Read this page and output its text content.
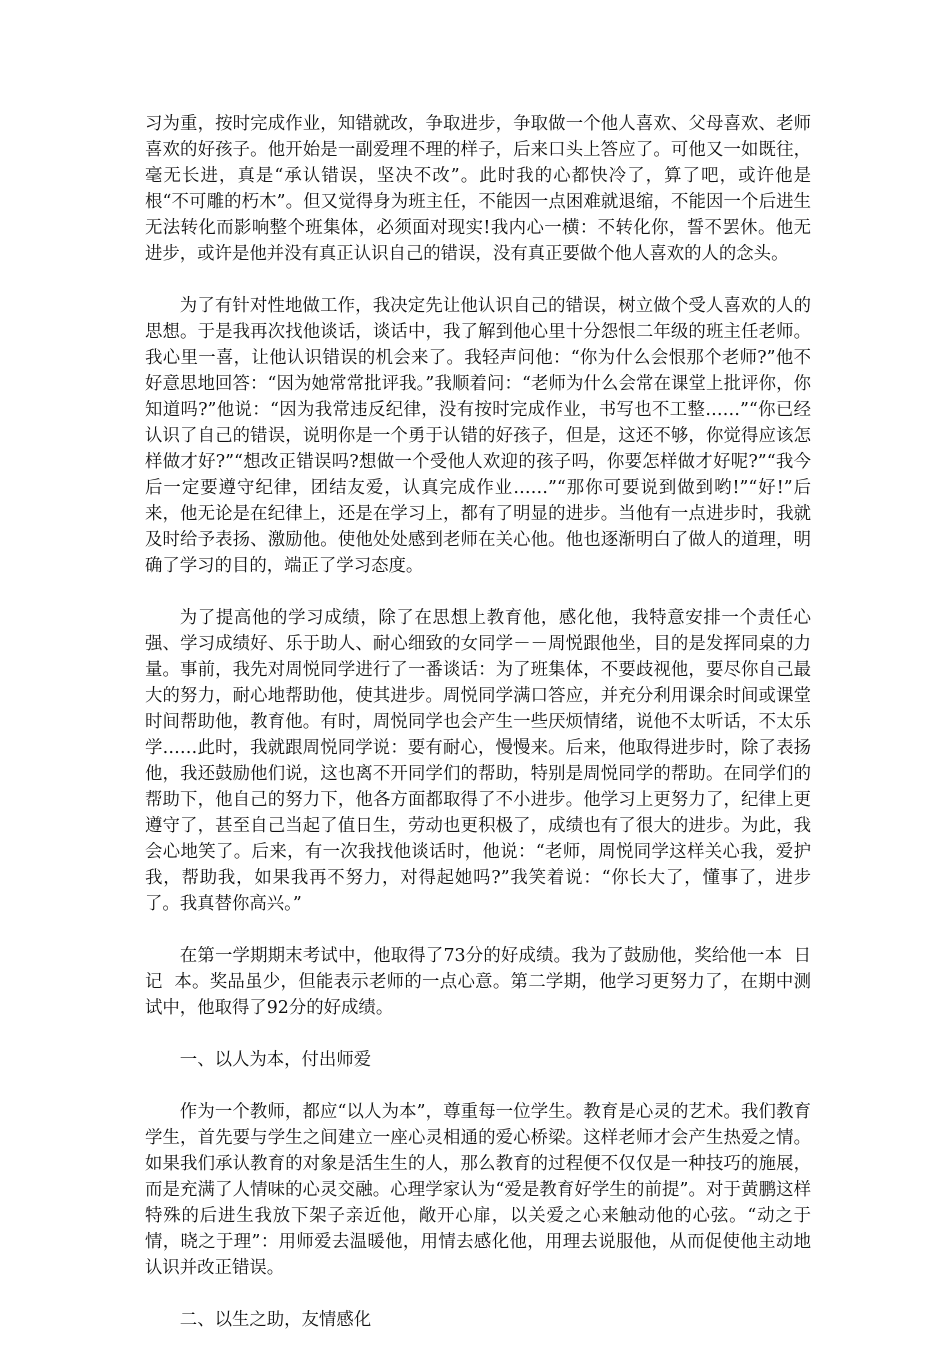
习为重，按时完成作业，知错就改，争取进步，争取做一个他人喜欢、父母喜欢、老师喜欢的好孩子。他开始是一副爱理不理的样子，后来口头上答应了。可他又一如既往，毫无长进，真是“承认错误，坚决不改”。此时我的心都快冷了，算了吧，或许他是根“不可雕的朽木”。但又觉得身为班主任，不能因一点困难就退缩，不能因一个后进生无法转化而影响整个班集体，必须面对现实!我内心一横：不转化你，誓不罢休。他无进步，或许是他并没有真正认识自己的错误，没有真正要做个他人喜欢的人的念头。

为了有针对性地做工作，我决定先让他认识自己的错误，树立做个受人喜欢的人的思想。于是我再次找他谈话，谈话中，我了解到他心里十分怨恨二年级的班主任老师。我心里一喜，让他认识错误的机会来了。我轻声问他：“你为什么会恨那个老师?”他不好意思地回答：“因为她常常批评我。”我顺着问：“老师为什么会常在课堂上批评你，你知道吗?”他说：“因为我常违反纪律，没有按时完成作业，书写也不工整……”“你已经认识了自己的错误，说明你是一个勇于认错的好孩子，但是，这还不够，你觉得应该怎样做才好?”“想改正错误吗?想做一个受他人欢迎的孩子吗，你要怎样做才好呢?”“我今后一定要遵守纪律，团结友爱，认真完成作业……”“那你可要说到做到哟!”“好!”后来，他无论是在纪律上，还是在学习上，都有了明显的进步。当他有一点进步时，我就及时给予表扬、激励他。使他处处感到老师在关心他。他也逐渐明白了做人的道理，明确了学习的目的，端正了学习态度。

为了提高他的学习成绩，除了在思想上教育他，感化他，我特意安排一个责任心强、学习成绩好、乐于助人、耐心细致的女同学－－周悦跟他坐，目的是发挥同桌的力量。事前，我先对周悦同学进行了一番谈话：为了班集体，不要歧视他，要尽你自己最大的努力，耐心地帮助他，使其进步。周悦同学满口答应，并充分利用课余时间或课堂时间帮助他，教育他。有时，周悦同学也会产生一些厌烦情绪，说他不太听话，不太乐学……此时，我就跟周悦同学说：要有耐心，慢慢来。后来，他取得进步时，除了表扬他，我还鼓励他们说，这也离不开同学们的帮助，特别是周悦同学的帮助。在同学们的帮助下，他自己的努力下，他各方面都取得了不小进步。他学习上更努力了，纪律上更遵守了，甚至自己当起了值日生，劳动也更积极了，成绩也有了很大的进步。为此，我会心地笑了。后来，有一次我找他谈话时，他说：“老师，周悦同学这样关心我，爱护我，帮助我，如果我再不努力，对得起她吗?”我笑着说：“你长大了，懂事了，进步了。我真替你高兴。”

在第一学期期末考试中，他取得了73分的好成绩。我为了鼓励他，奖给他一本  日记  本。奖品虽少，但能表示老师的一点心意。第二学期，他学习更努力了，在期中测试中，他取得了92分的好成绩。

一、以人为本，付出师爱

作为一个教师，都应“以人为本”，尊重每一位学生。教育是心灵的艺术。我们教育学生，首先要与学生之间建立一座心灵相通的爱心桥梁。这样老师才会产生热爱之情。如果我们承认教育的对象是活生生的人，那么教育的过程便不仅仅是一种技巧的施展，而是充满了人情味的心灵交融。心理学家认为“爱是教育好学生的前提”。对于黄鹏这样特殊的后进生我放下架子亲近他，敞开心扉，以关爱之心来触动他的心弦。“动之于情，晓之于理”：用师爱去温暖他，用情去感化他，用理去说服他，从而促使他主动地认识并改正错误。

二、以生之助，友情感化
